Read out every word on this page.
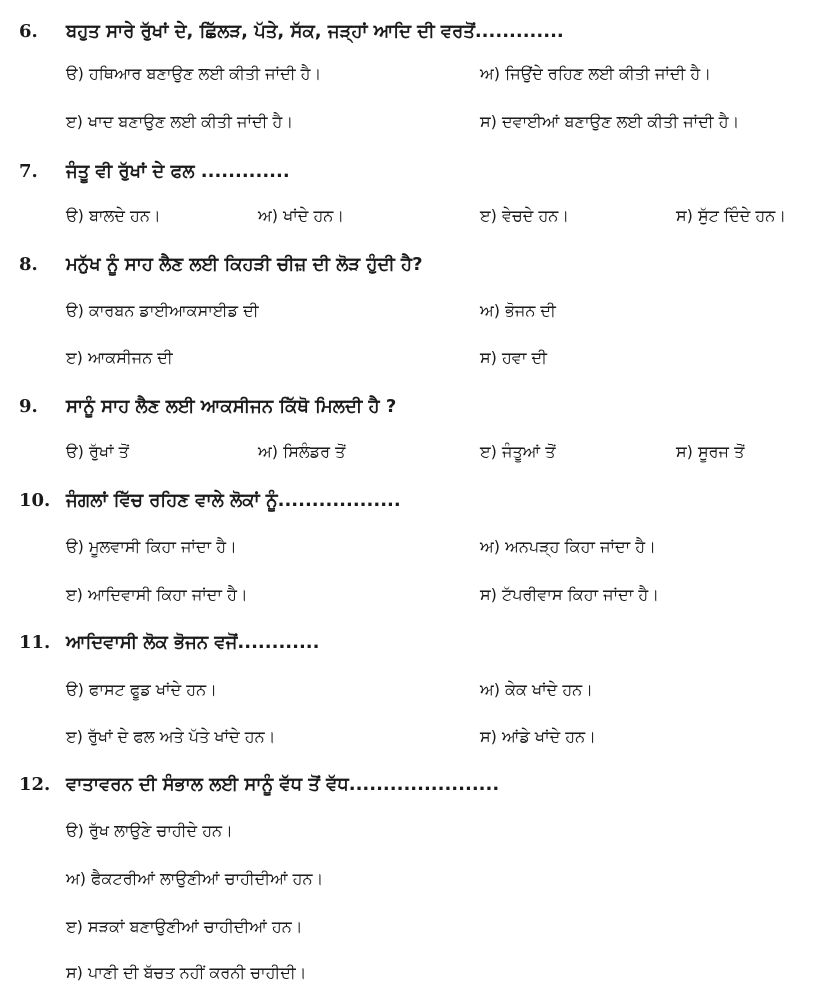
6. ਬਹੁਤ ਸਾਰੇ ਰੁੱਖਾਂ ਦੇ, ਛਿੱਲੜ, ਪੱਤੇ, ਸੱਕ, ਜੜ੍ਹਾਂ ਆਦਿ ਦੀ ਵਰਤੋਂ.............
ੳ) ਹਥਿਆਰ ਬਣਾਉਣ ਲਈ ਕੀਤੀ ਜਾਂਦੀ ਹੈ।	ਅ) ਜਿਉਂਦੇ ਰਹਿਣ ਲਈ ਕੀਤੀ ਜਾਂਦੀ ਹੈ।
ੲ) ਖਾਦ ਬਣਾਉਣ ਲਈ ਕੀਤੀ ਜਾਂਦੀ ਹੈ।	ਸ) ਦਵਾਈਆਂ ਬਣਾਉਣ ਲਈ ਕੀਤੀ ਜਾਂਦੀ ਹੈ।
7. ਜੰਤੂ ਵੀ ਰੁੱਖਾਂ ਦੇ ਫਲ .............
ੳ) ਬਾਲਦੇ ਹਨ।	ਅ) ਖਾਂਦੇ ਹਨ।	ੲ) ਵੇਚਦੇ ਹਨ।	ਸ) ਸੁੱਟ ਦਿੰਦੇ ਹਨ।
8. ਮਨੁੱਖ ਨੂੰ ਸਾਹ ਲੈਣ ਲਈ ਕਿਹੜੀ ਚੀਜ਼ ਦੀ ਲੋੜ ਹੁੰਦੀ ਹੈ?
ੳ) ਕਾਰਬਨ ਡਾਈਆਕਸਾਈਡ ਦੀ	ਅ) ਭੋਜਨ ਦੀ
ੲ) ਆਕਸੀਜਨ ਦੀ	ਸ) ਹਵਾ ਦੀ
9. ਸਾਨੂੰ ਸਾਹ ਲੈਣ ਲਈ ਆਕਸੀਜਨ ਕਿੱਥੋ ਮਿਲਦੀ ਹੈ ?
ੳ) ਰੁੱਖਾਂ ਤੋਂ	ਅ) ਸਿਲੰਡਰ ਤੋਂ	ੲ) ਜੰਤੂਆਂ ਤੋਂ	ਸ) ਸੂਰਜ ਤੋਂ
10. ਜੰਗਲਾਂ ਵਿੱਚ ਰਹਿਣ ਵਾਲੇ ਲੋਕਾਂ ਨੂੰ..................
ੳ) ਮੂਲਵਾਸੀ ਕਿਹਾ ਜਾਂਦਾ ਹੈ।	ਅ) ਅਨਪੜ੍ਹ ਕਿਹਾ ਜਾਂਦਾ ਹੈ।
ੲ) ਆਦਿਵਾਸੀ ਕਿਹਾ ਜਾਂਦਾ ਹੈ।	ਸ) ਟੱਪਰੀਵਾਸ ਕਿਹਾ ਜਾਂਦਾ ਹੈ।
11. ਆਦਿਵਾਸੀ ਲੋਕ ਭੋਜਨ ਵਜੋਂ............
ੳ) ਫਾਸਟ ਫੂਡ ਖਾਂਦੇ ਹਨ।	ਅ) ਕੇਕ ਖਾਂਦੇ ਹਨ।
ੲ) ਰੁੱਖਾਂ ਦੇ ਫਲ ਅਤੇ ਪੱਤੇ ਖਾਂਦੇ ਹਨ।	ਸ) ਆਂਡੇ ਖਾਂਦੇ ਹਨ।
12. ਵਾਤਾਵਰਨ ਦੀ ਸੰਭਾਲ ਲਈ ਸਾਨੂੰ ਵੱਧ ਤੋਂ ਵੱਧ......................
ੳ) ਰੁੱਖ ਲਾਉਣੇ ਚਾਹੀਦੇ ਹਨ।
ਅ) ਫੈਕਟਰੀਆਂ ਲਾਉਣੀਆਂ ਚਾਹੀਦੀਆਂ ਹਨ।
ੲ) ਸੜਕਾਂ ਬਣਾਉਣੀਆਂ ਚਾਹੀਦੀਆਂ ਹਨ।
ਸ) ਪਾਣੀ ਦੀ ਬੱਚਤ ਨਹੀਂ ਕਰਨੀ ਚਾਹੀਦੀ।
